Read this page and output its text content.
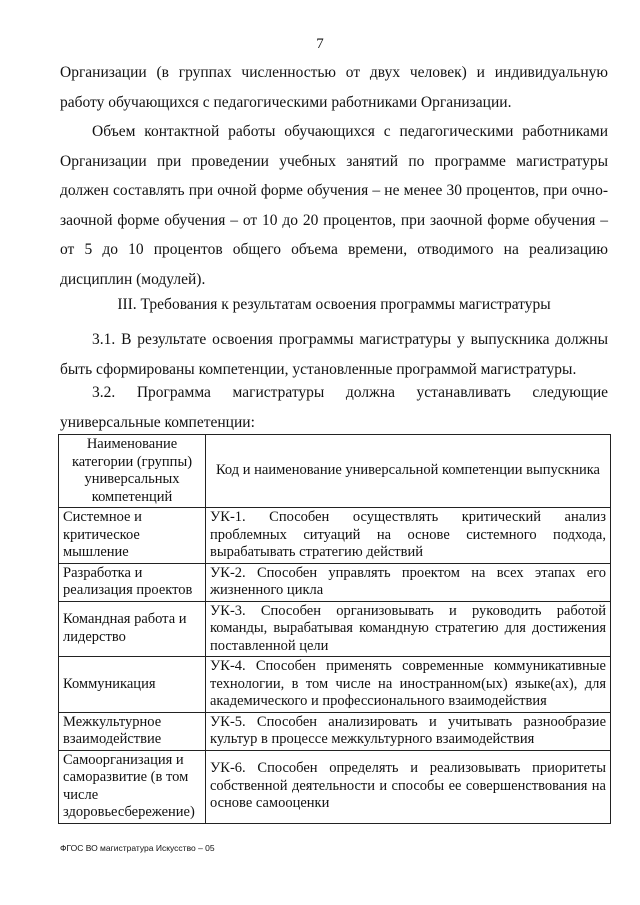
7

Организации (в группах численностью от двух человек) и индивидуальную работу обучающихся с педагогическими работниками Организации.

Объем контактной работы обучающихся с педагогическими работниками Организации при проведении учебных занятий по программе магистратуры должен составлять при очной форме обучения – не менее 30 процентов, при очно-заочной форме обучения – от 10 до 20 процентов, при заочной форме обучения – от 5 до 10 процентов общего объема времени, отводимого на реализацию дисциплин (модулей).

III. Требования к результатам освоения программы магистратуры

3.1. В результате освоения программы магистратуры у выпускника должны быть сформированы компетенции, установленные программой магистратуры.

3.2. Программа магистратуры должна устанавливать следующие универсальные компетенции:

Наименование категории (группы) универсальных компетенций	Код и наименование универсальной компетенции выпускника
Системное и критическое мышление	УК-1. Способен осуществлять критический анализ проблемных ситуаций на основе системного подхода, вырабатывать стратегию действий
Разработка и реализация проектов	УК-2. Способен управлять проектом на всех этапах его жизненного цикла
Командная работа и лидерство	УК-3. Способен организовывать и руководить работой команды, вырабатывая командную стратегию для достижения поставленной цели
Коммуникация	УК-4. Способен применять современные коммуникативные технологии, в том числе на иностранном(ых) языке(ах), для академического и профессионального взаимодействия
Межкультурное взаимодействие	УК-5. Способен анализировать и учитывать разнообразие культур в процессе межкультурного взаимодействия
Самоорганизация и саморазвитие (в том числе здоровьесбережение)	УК-6. Способен определять и реализовывать приоритеты собственной деятельности и способы ее совершенствования на основе самооценки
ФГОС ВО магистратура Искусство – 05
